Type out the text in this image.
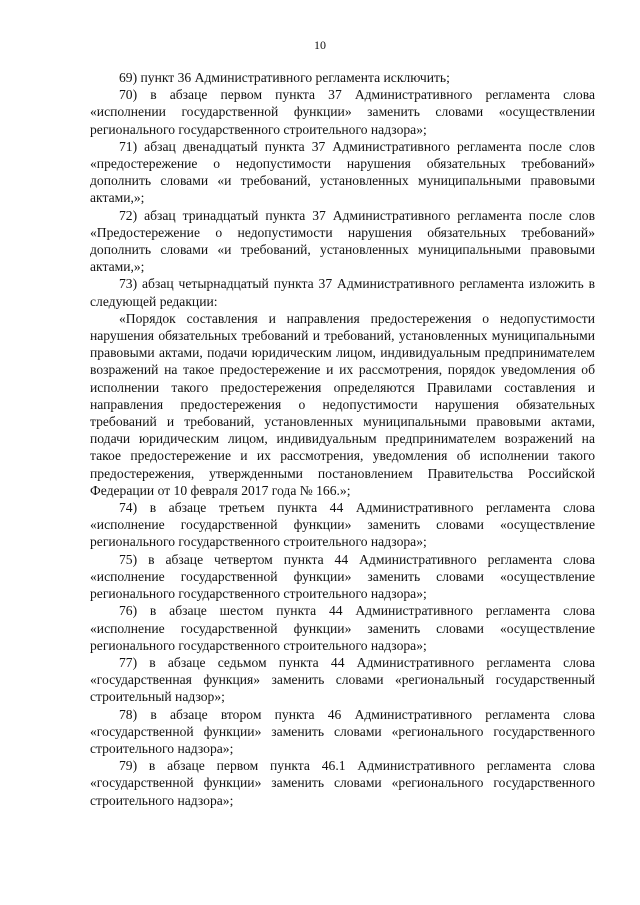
10

69) пункт 36 Административного регламента исключить;

70) в абзаце первом пункта 37 Административного регламента слова «исполнении государственной функции» заменить словами «осуществлении регионального государственного строительного надзора»;

71) абзац двенадцатый пункта 37 Административного регламента после слов «предостережение о недопустимости нарушения обязательных требований» дополнить словами «и требований, установленных муниципальными правовыми актами,»;

72) абзац тринадцатый пункта 37 Административного регламента после слов «Предостережение о недопустимости нарушения обязательных требований» дополнить словами «и требований, установленных муниципальными правовыми актами,»;

73) абзац четырнадцатый пункта 37 Административного регламента изложить в следующей редакции:

«Порядок составления и направления предостережения о недопустимости нарушения обязательных требований и требований, установленных муниципальными правовыми актами, подачи юридическим лицом, индивидуальным предпринимателем возражений на такое предостережение и их рассмотрения, порядок уведомления об исполнении такого предостережения определяются Правилами составления и направления предостережения о недопустимости нарушения обязательных требований и требований, установленных муниципальными правовыми актами, подачи юридическим лицом, индивидуальным предпринимателем возражений на такое предостережение и их рассмотрения, уведомления об исполнении такого предостережения, утвержденными постановлением Правительства Российской Федерации от 10 февраля 2017 года № 166.»;

74) в абзаце третьем пункта 44 Административного регламента слова «исполнение государственной функции» заменить словами «осуществление регионального государственного строительного надзора»;

75) в абзаце четвертом пункта 44 Административного регламента слова «исполнение государственной функции» заменить словами «осуществление регионального государственного строительного надзора»;

76) в абзаце шестом пункта 44 Административного регламента слова «исполнение государственной функции» заменить словами «осуществление регионального государственного строительного надзора»;

77) в абзаце седьмом пункта 44 Административного регламента слова «государственная функция» заменить словами «региональный государственный строительный надзор»;

78) в абзаце втором пункта 46 Административного регламента слова «государственной функции» заменить словами «регионального государственного строительного надзора»;

79) в абзаце первом пункта 46.1 Административного регламента слова «государственной функции» заменить словами «регионального государственного строительного надзора»;
